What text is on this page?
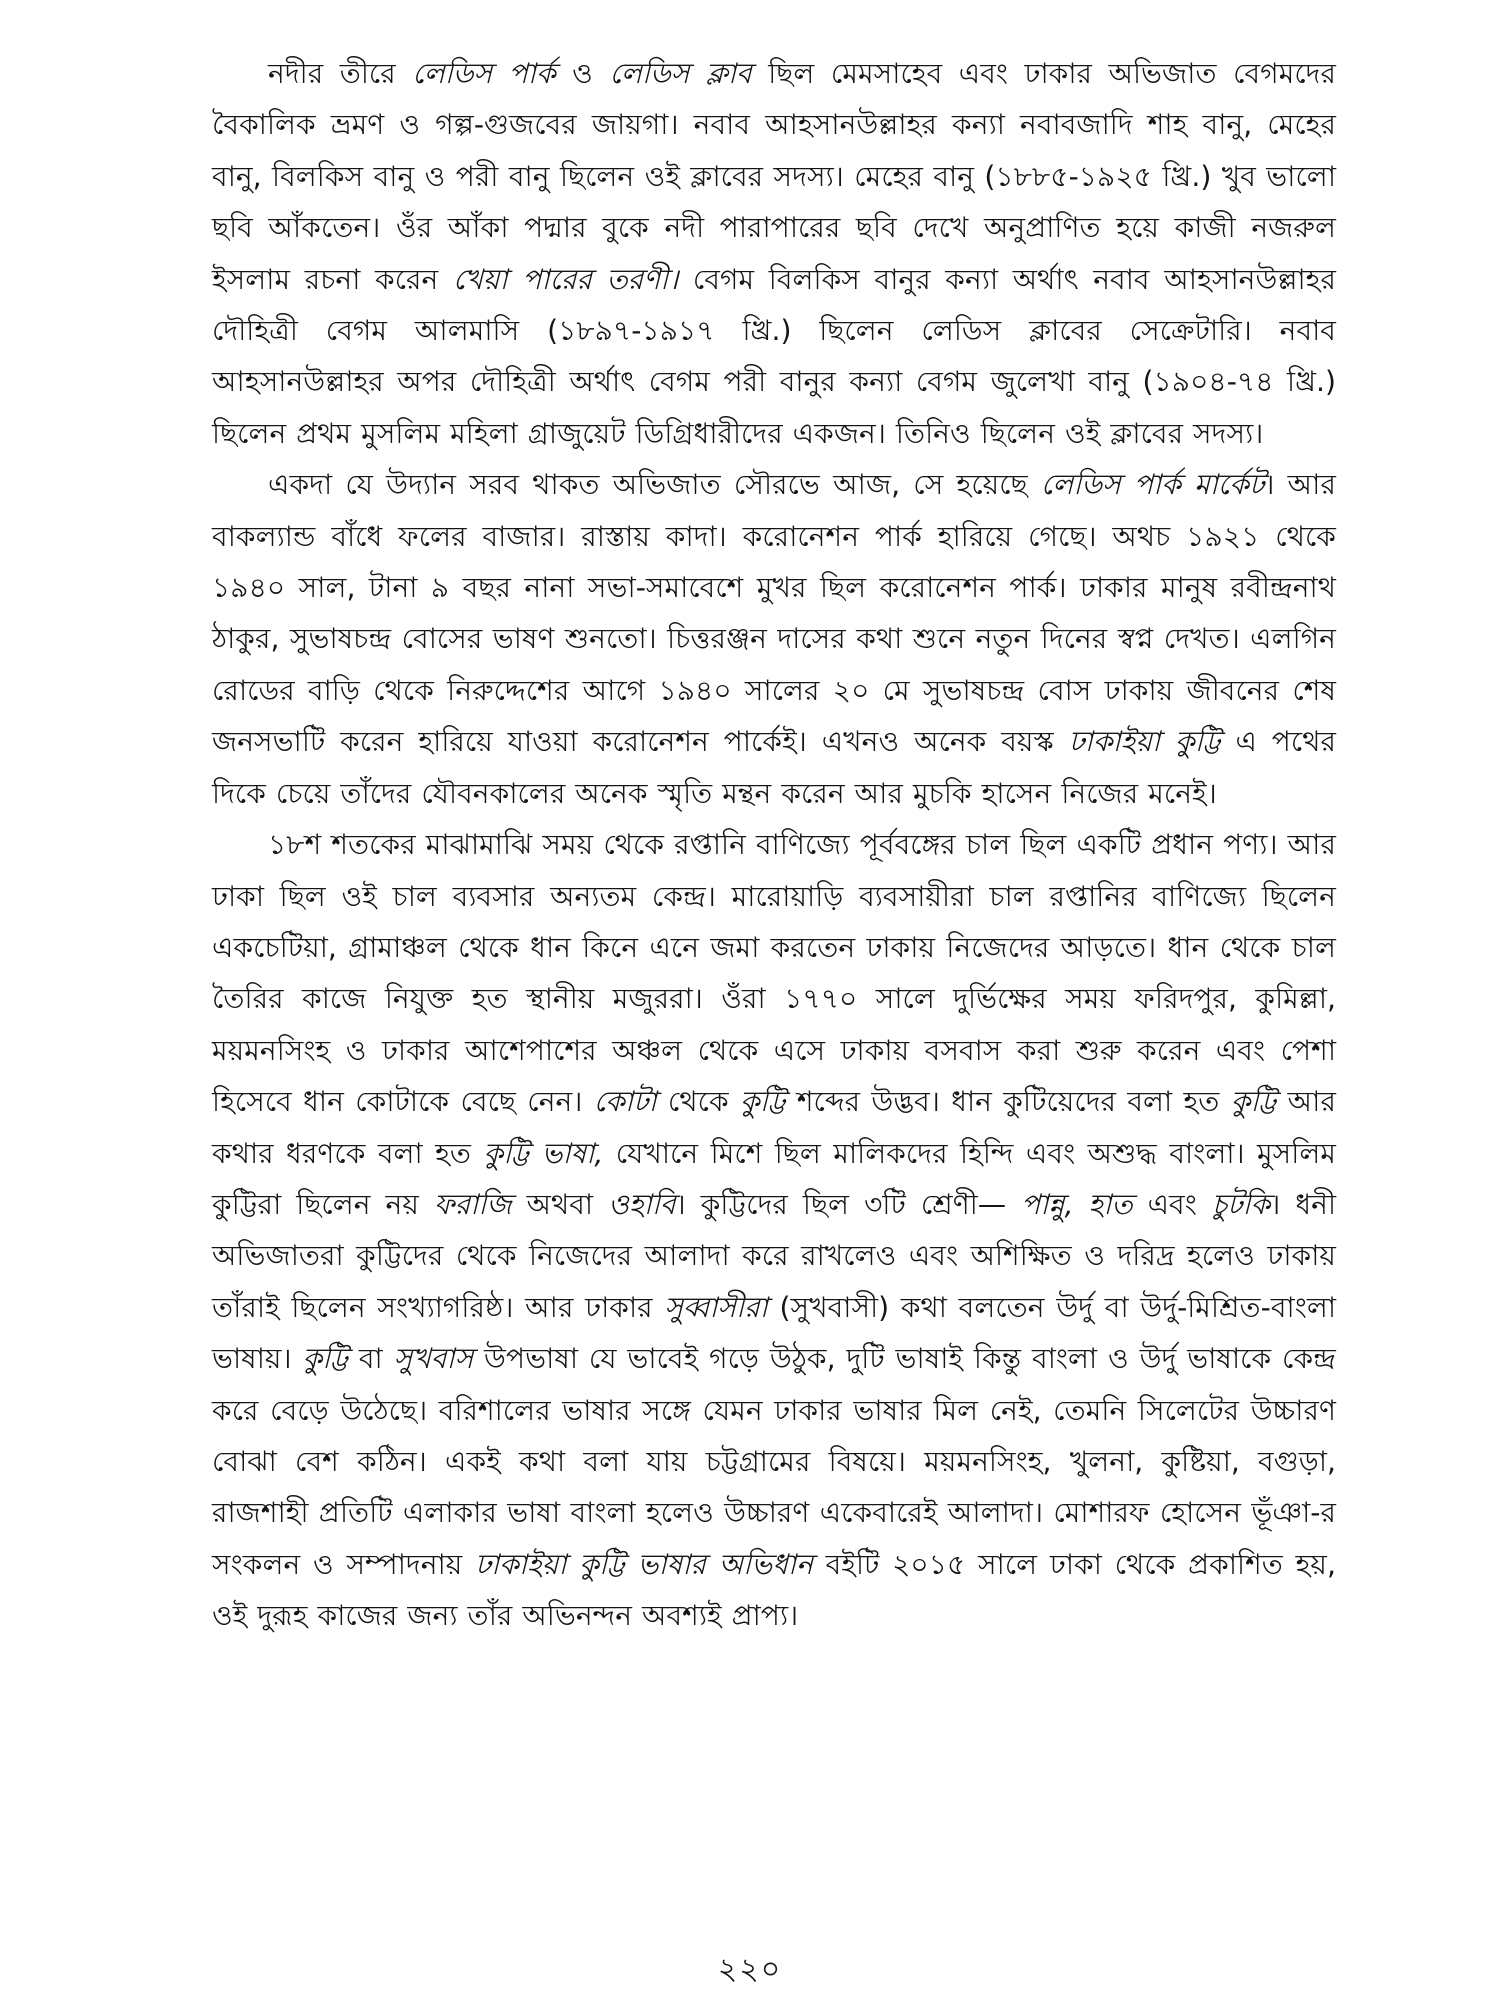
নদীর তীরে লেডিস পার্ক ও লেডিস ক্লাব ছিল মেমসাহেব এবং ঢাকার অভিজাত বেগমদের বৈকালিক ভ্রমণ ও গল্প-গুজবের জায়গা। নবাব আহসানউল্লাহর কন্যা নবাবজাদি শাহ বানু, মেহের বানু, বিলকিস বানু ও পরী বানু ছিলেন ওই ক্লাবের সদস্য। মেহের বানু (১৮৮৫-১৯২৫ খ্রি.) খুব ভালো ছবি আঁকতেন। ওঁর আঁকা পদ্মার বুকে নদী পারাপারের ছবি দেখে অনুপ্রাণিত হয়ে কাজী নজরুল ইসলাম রচনা করেন খেয়া পারের তরণী। বেগম বিলকিস বানুর কন্যা অর্থাৎ নবাব আহসানউল্লাহর দৌহিত্রী বেগম আলমাসি (১৮৯৭-১৯১৭ খ্রি.) ছিলেন লেডিস ক্লাবের সেক্রেটারি। নবাব আহসানউল্লাহর অপর দৌহিত্রী অর্থাৎ বেগম পরী বানুর কন্যা বেগম জুলেখা বানু (১৯০৪-৭৪ খ্রি.) ছিলেন প্রথম মুসলিম মহিলা গ্রাজুয়েট ডিগ্রিধারীদের একজন। তিনিও ছিলেন ওই ক্লাবের সদস্য।

একদা যে উদ্যান সরব থাকত অভিজাত সৌরভে আজ, সে হয়েছে লেডিস পার্ক মার্কেট। আর বাকল্যান্ড বাঁধে ফলের বাজার। রাস্তায় কাদা। করোনেশন পার্ক হারিয়ে গেছে। অথচ ১৯২১ থেকে ১৯৪০ সাল, টানা ৯ বছর নানা সভা-সমাবেশে মুখর ছিল করোনেশন পার্ক। ঢাকার মানুষ রবীন্দ্রনাথ ঠাকুর, সুভাষচন্দ্র বোসের ভাষণ শুনতো। চিত্তরঞ্জন দাসের কথা শুনে নতুন দিনের স্বপ্ন দেখত। এলগিন রোডের বাড়ি থেকে নিরুদ্দেশের আগে ১৯৪০ সালের ২০ মে সুভাষচন্দ্র বোস ঢাকায় জীবনের শেষ জনসভাটি করেন হারিয়ে যাওয়া করোনেশন পার্কেই। এখনও অনেক বয়স্ক ঢাকাইয়া কুট্টি এ পথের দিকে চেয়ে তাঁদের যৌবনকালের অনেক স্মৃতি মন্থন করেন আর মুচকি হাসেন নিজের মনেই।

১৮শ শতকের মাঝামাঝি সময় থেকে রপ্তানি বাণিজ্যে পূর্ববঙ্গের চাল ছিল একটি প্রধান পণ্য। আর ঢাকা ছিল ওই চাল ব্যবসার অন্যতম কেন্দ্র। মারোয়াড়ি ব্যবসায়ীরা চাল রপ্তানির বাণিজ্যে ছিলেন একচেটিয়া, গ্রামাঞ্চল থেকে ধান কিনে এনে জমা করতেন ঢাকায় নিজেদের আড়তে। ধান থেকে চাল তৈরির কাজে নিযুক্ত হত স্থানীয় মজুররা। ওঁরা ১৭৭০ সালে দুর্ভিক্ষের সময় ফরিদপুর, কুমিল্লা, ময়মনসিংহ ও ঢাকার আশেপাশের অঞ্চল থেকে এসে ঢাকায় বসবাস করা শুরু করেন এবং পেশা হিসেবে ধান কোটাকে বেছে নেন। কোটা থেকে কুট্টি শব্দের উদ্ভব। ধান কুটিয়েদের বলা হত কুট্টি আর কথার ধরণকে বলা হত কুট্টি ভাষা, যেখানে মিশে ছিল মালিকদের হিন্দি এবং অশুদ্ধ বাংলা। মুসলিম কুট্টিরা ছিলেন নয় ফরাজি অথবা ওহাবি। কুট্টিদের ছিল ৩টি শ্রেণী— পান্নু, হাত এবং চুটকি। ধনী অভিজাতরা কুট্টিদের থেকে নিজেদের আলাদা করে রাখলেও এবং অশিক্ষিত ও দরিদ্র হলেও ঢাকায় তাঁরাই ছিলেন সংখ্যাগরিষ্ঠ। আর ঢাকার সুব্বাসীরা (সুখবাসী) কথা বলতেন উর্দু বা উর্দু-মিশ্রিত-বাংলা ভাষায়। কুট্টি বা সুখবাস উপভাষা যে ভাবেই গড়ে উঠুক, দুটি ভাষাই কিন্তু বাংলা ও উর্দু ভাষাকে কেন্দ্র করে বেড়ে উঠেছে। বরিশালের ভাষার সঙ্গে যেমন ঢাকার ভাষার মিল নেই, তেমনি সিলেটের উচ্চারণ বোঝা বেশ কঠিন। একই কথা বলা যায় চট্টগ্রামের বিষয়ে। ময়মনসিংহ, খুলনা, কুষ্টিয়া, বগুড়া, রাজশাহী প্রতিটি এলাকার ভাষা বাংলা হলেও উচ্চারণ একেবারেই আলাদা। মোশারফ হোসেন ভূঁঞা-র সংকলন ও সম্পাদনায় ঢাকাইয়া কুট্টি ভাষার অভিধান বইটি ২০১৫ সালে ঢাকা থেকে প্রকাশিত হয়, ওই দুরূহ কাজের জন্য তাঁর অভিনন্দন অবশ্যই প্রাপ্য।

২২০
